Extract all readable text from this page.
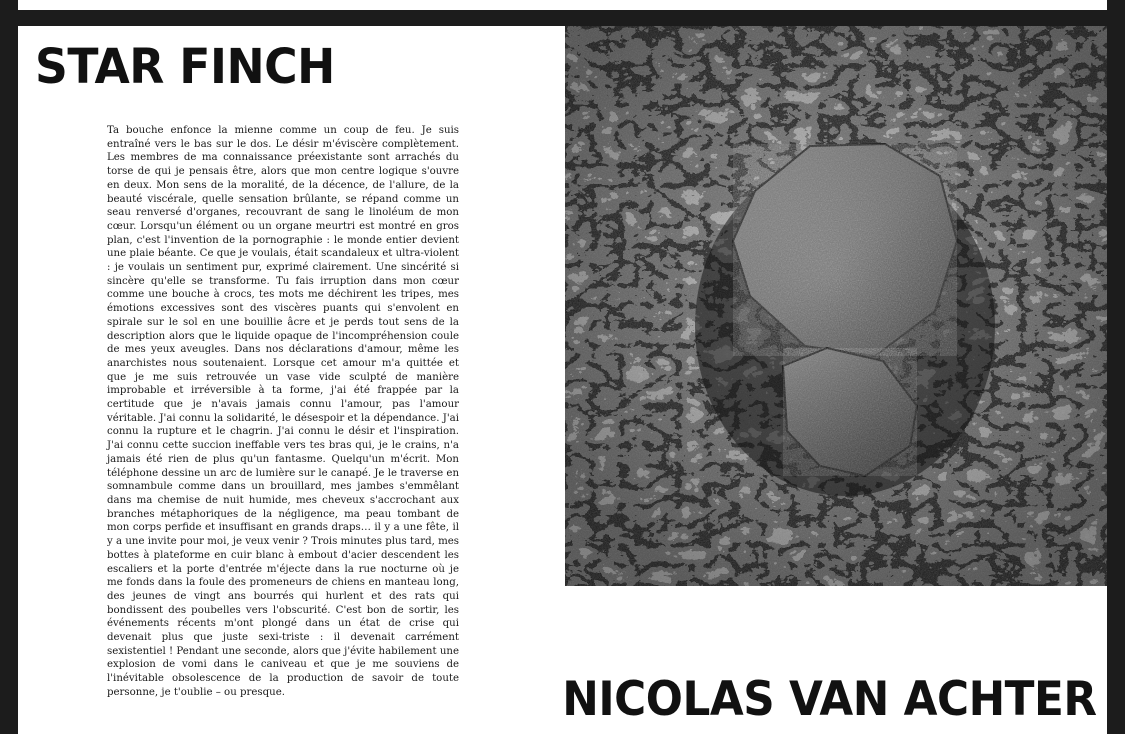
STAR FINCH

Ta bouche enfonce la mienne comme un coup de feu. Je suis entraîné vers le bas sur le dos. Le désir m'éviscère complètement. Les membres de ma connaissance préexistante sont arrachés du torse de qui je pensais être, alors que mon centre logique s'ouvre en deux. Mon sens de la moralité, de la décence, de l'allure, de la beauté viscérale, quelle sensation brûlante, se répand comme un seau renversé d'organes, recouvrant de sang le linoléum de mon cœur. Lorsqu'un élément ou un organe meurtri est montré en gros plan, c'est l'invention de la pornographie : le monde entier devient une plaie béante. Ce que je voulais, était scandaleux et ultra-violent : je voulais un sentiment pur, exprimé clairement. Une sincérité si sincère qu'elle se transforme. Tu fais irruption dans mon cœur comme une bouche à crocs, tes mots me déchirent les tripes, mes émotions excessives sont des viscères puants qui s'envolent en spirale sur le sol en une bouillie âcre et je perds tout sens de la description alors que le liquide opaque de l'incompréhension coule de mes yeux aveugles. Dans nos déclarations d'amour, même les anarchistes nous soutenaient. Lorsque cet amour m'a quittée et que je me suis retrouvée un vase vide sculpté de manière improbable et irréversible à ta forme, j'ai été frappée par la certitude que je n'avais jamais connu l'amour, pas l'amour véritable. J'ai connu la solidarité, le désespoir et la dépendance. J'ai connu la rupture et le chagrin. J'ai connu le désir et l'inspiration. J'ai connu cette succion ineffable vers tes bras qui, je le crains, n'a jamais été rien de plus qu'un fantasme. Quelqu'un m'écrit. Mon téléphone dessine un arc de lumière sur le canapé. Je le traverse en somnambule comme dans un brouillard, mes jambes s'emmêlant dans ma chemise de nuit humide, mes cheveux s'accrochant aux branches métaphoriques de la négligence, ma peau tombant de mon corps perfide et insuffisant en grands draps… il y a une fête, il y a une invite pour moi, je veux venir ? Trois minutes plus tard, mes bottes à plateforme en cuir blanc à embout d'acier descendent les escaliers et la porte d'entrée m'éjecte dans la rue nocturne où je me fonds dans la foule des promeneurs de chiens en manteau long, des jeunes de vingt ans bourrés qui hurlent et des rats qui bondissent des poubelles vers l'obscurité. C'est bon de sortir, les événements récents m'ont plongé dans un état de crise qui devenait plus que juste sexi-triste : il devenait carrément sexistentiel ! Pendant une seconde, alors que j'évite habilement une explosion de vomi dans le caniveau et que je me souviens de l'inévitable obsolescence de la production de savoir de toute personne, je t'oublie – ou presque.	NICOLAS VAN ACHTER
